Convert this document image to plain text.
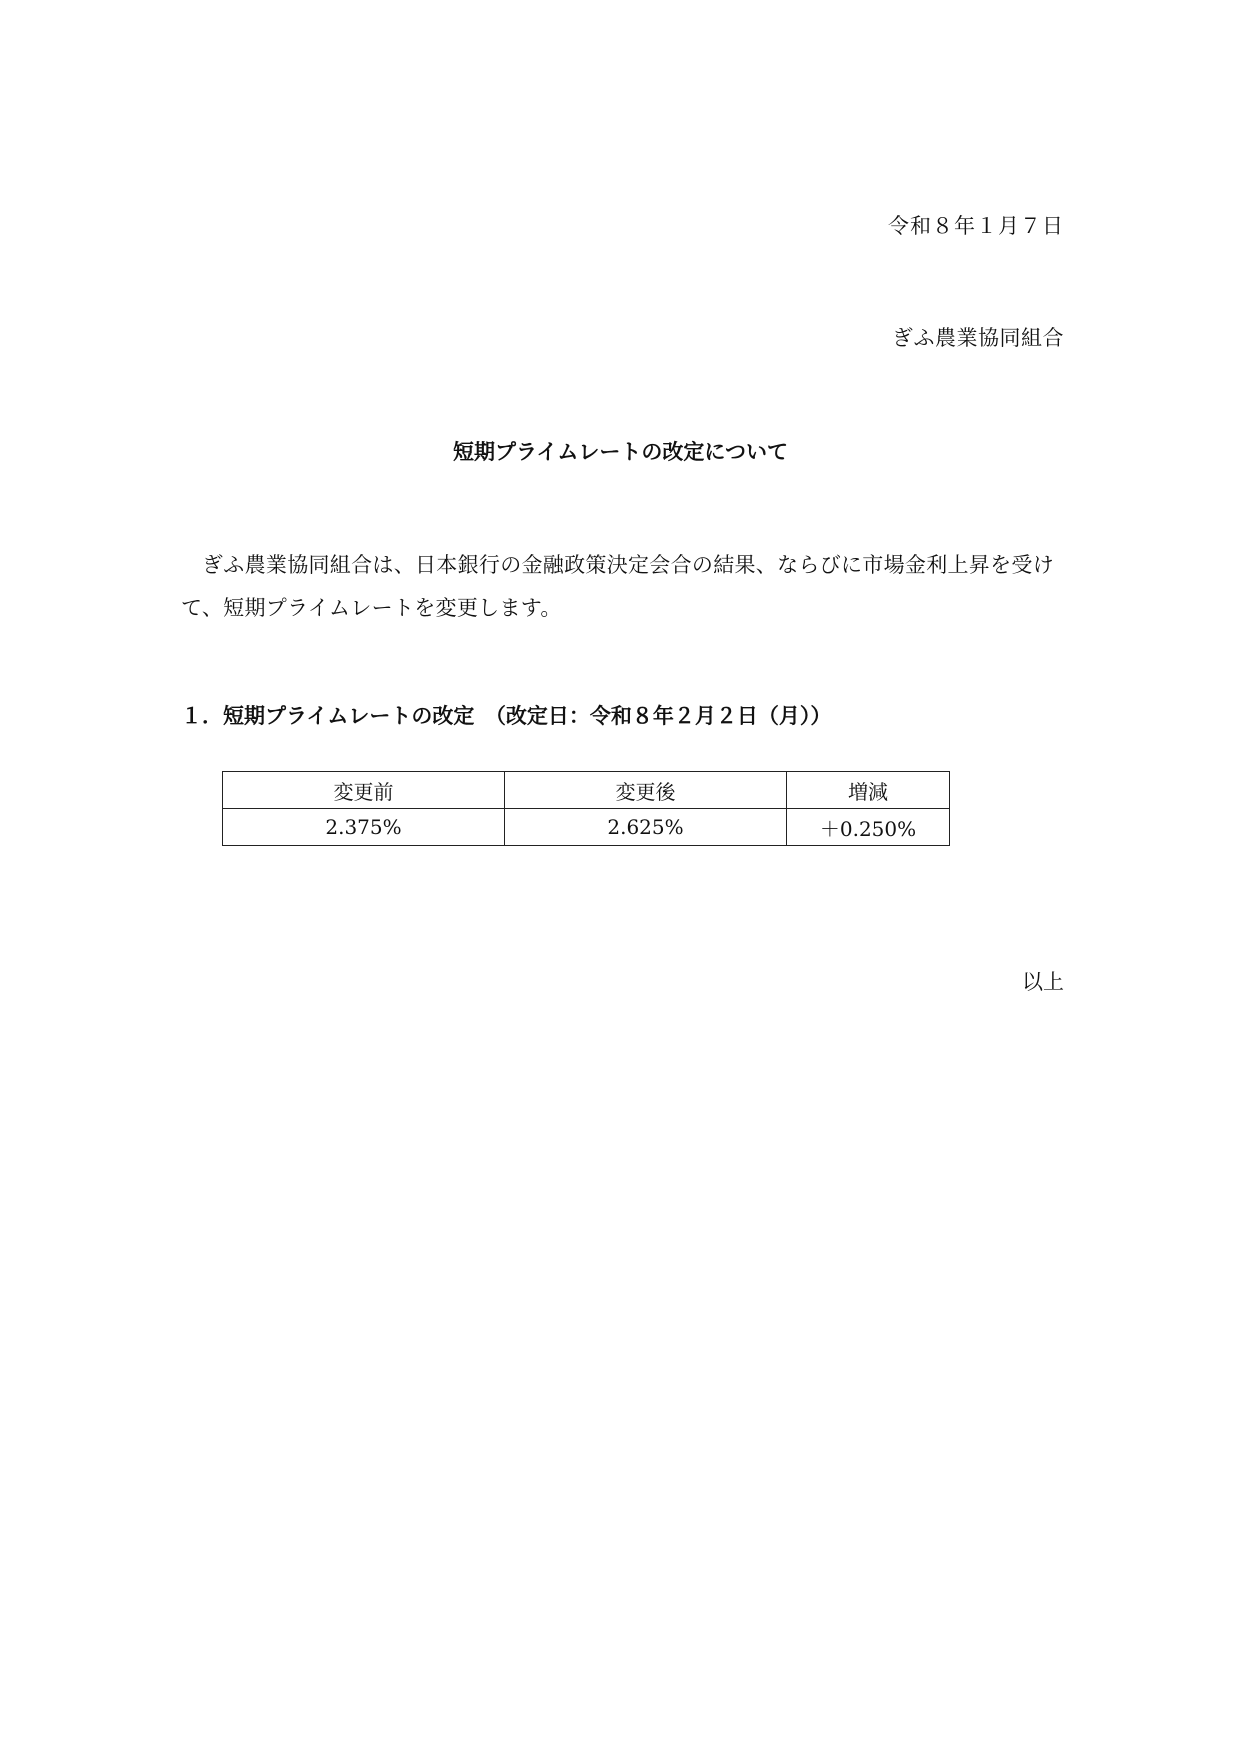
令和８年１月７日
ぎふ農業協同組合
短期プライムレートの改定について
ぎふ農業協同組合は、日本銀行の金融政策決定会合の結果、ならびに市場金利上昇を受けて、短期プライムレートを変更します。
１．短期プライムレートの改定　（改定日：令和８年２月２日（月））
変更前	変更後	増減
2.375%	2.625%	＋0.250%
以上
